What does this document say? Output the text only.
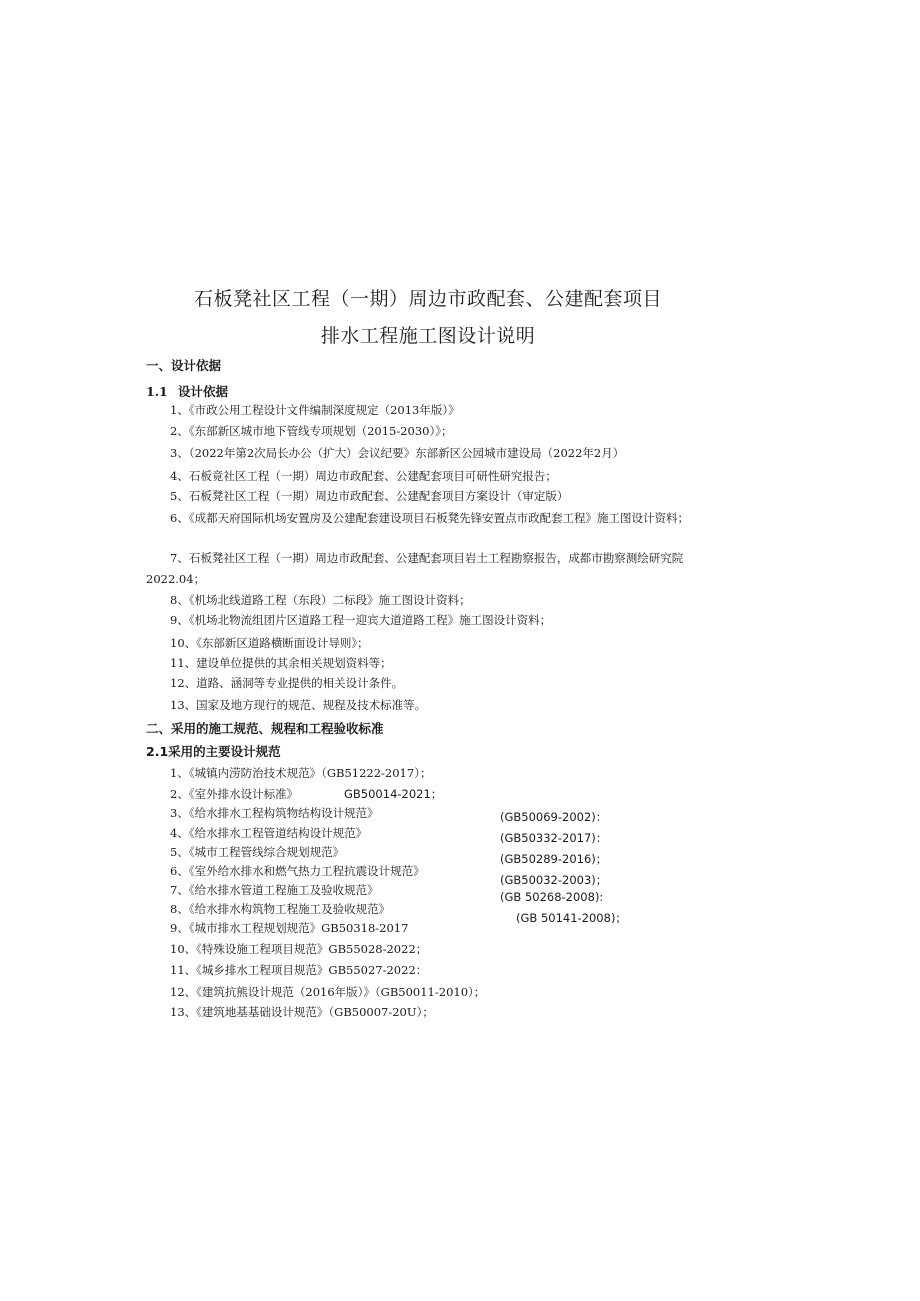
石板凳社区工程（一期）周边市政配套、公建配套项目
排水工程施工图设计说明
一、设计依据
1.1 设计依据
1、《市政公用工程设计文件编制深度规定（2013年版）》
2、《东部新区城市地下管线专项规划（2015-2030）》；
3、（2022年第2次局长办公（扩大）会议纪要》东部新区公园城市建设局（2022年2月）
4、石板竟社区工程（一期）周边市政配套、公建配套项目可研性研究报告；
5、石板凳社区工程（一期）周边市政配套、公建配套项目方案设计（审定版）
6、《成都天府国际机场安置房及公建配套建设项目石板凳先锋安置点市政配套工程》施工图设计资料；
7、石板凳社区工程（一期）周边市政配套、公建配套项目岩土工程勘察报告，成都市勘察测绘研究院2022.04；
8、《机场北线道路工程（东段）二标段》施工图设计资料；
9、《机场北物流组团片区道路工程一迎宾大道道路工程》施工图设计资料；
10、《东部新区道路横断面设计导则》；
11、建设单位提供的其余相关规划资料等；
12、道路、涵洞等专业提供的相关设计条件。
13、国家及地方现行的规范、规程及技术标准等。
二、采用的施工规范、规程和工程验收标准
2.1采用的主要设计规范
1、《城镇内涝防治技术规范》（GB51222-2017）；
2、《室外排水设计标准》
3、《给水排水工程构筑物结构设计规范》
4、《给水排水工程管道结构设计规范》
5、《城市工程管线综合规划规范》
6、《室外给水排水和燃气热力工程抗震设计规范》
7、《给水排水管道工程施工及验收规范》
8、《给水排水构筑物工程施工及验收规范》
9、《城市排水工程规划规范》GB50318-2017
10、《特殊设施工程项目规范》GB55028-2022；
11、《城乡排水工程项目规范》GB55027-2022：
12、《建筑抗熊设计规范（2016年版）》（GB50011-2010）；
13、《建筑地基基础设计规范》（GB50007-20U）；
GB50014-2021；
(GB50069-2002)：
(GB50332-2017)：
(GB50289-2016)；
(GB50032-2003)；
(GB 50268-2008):
(GB 50141-2008)；
